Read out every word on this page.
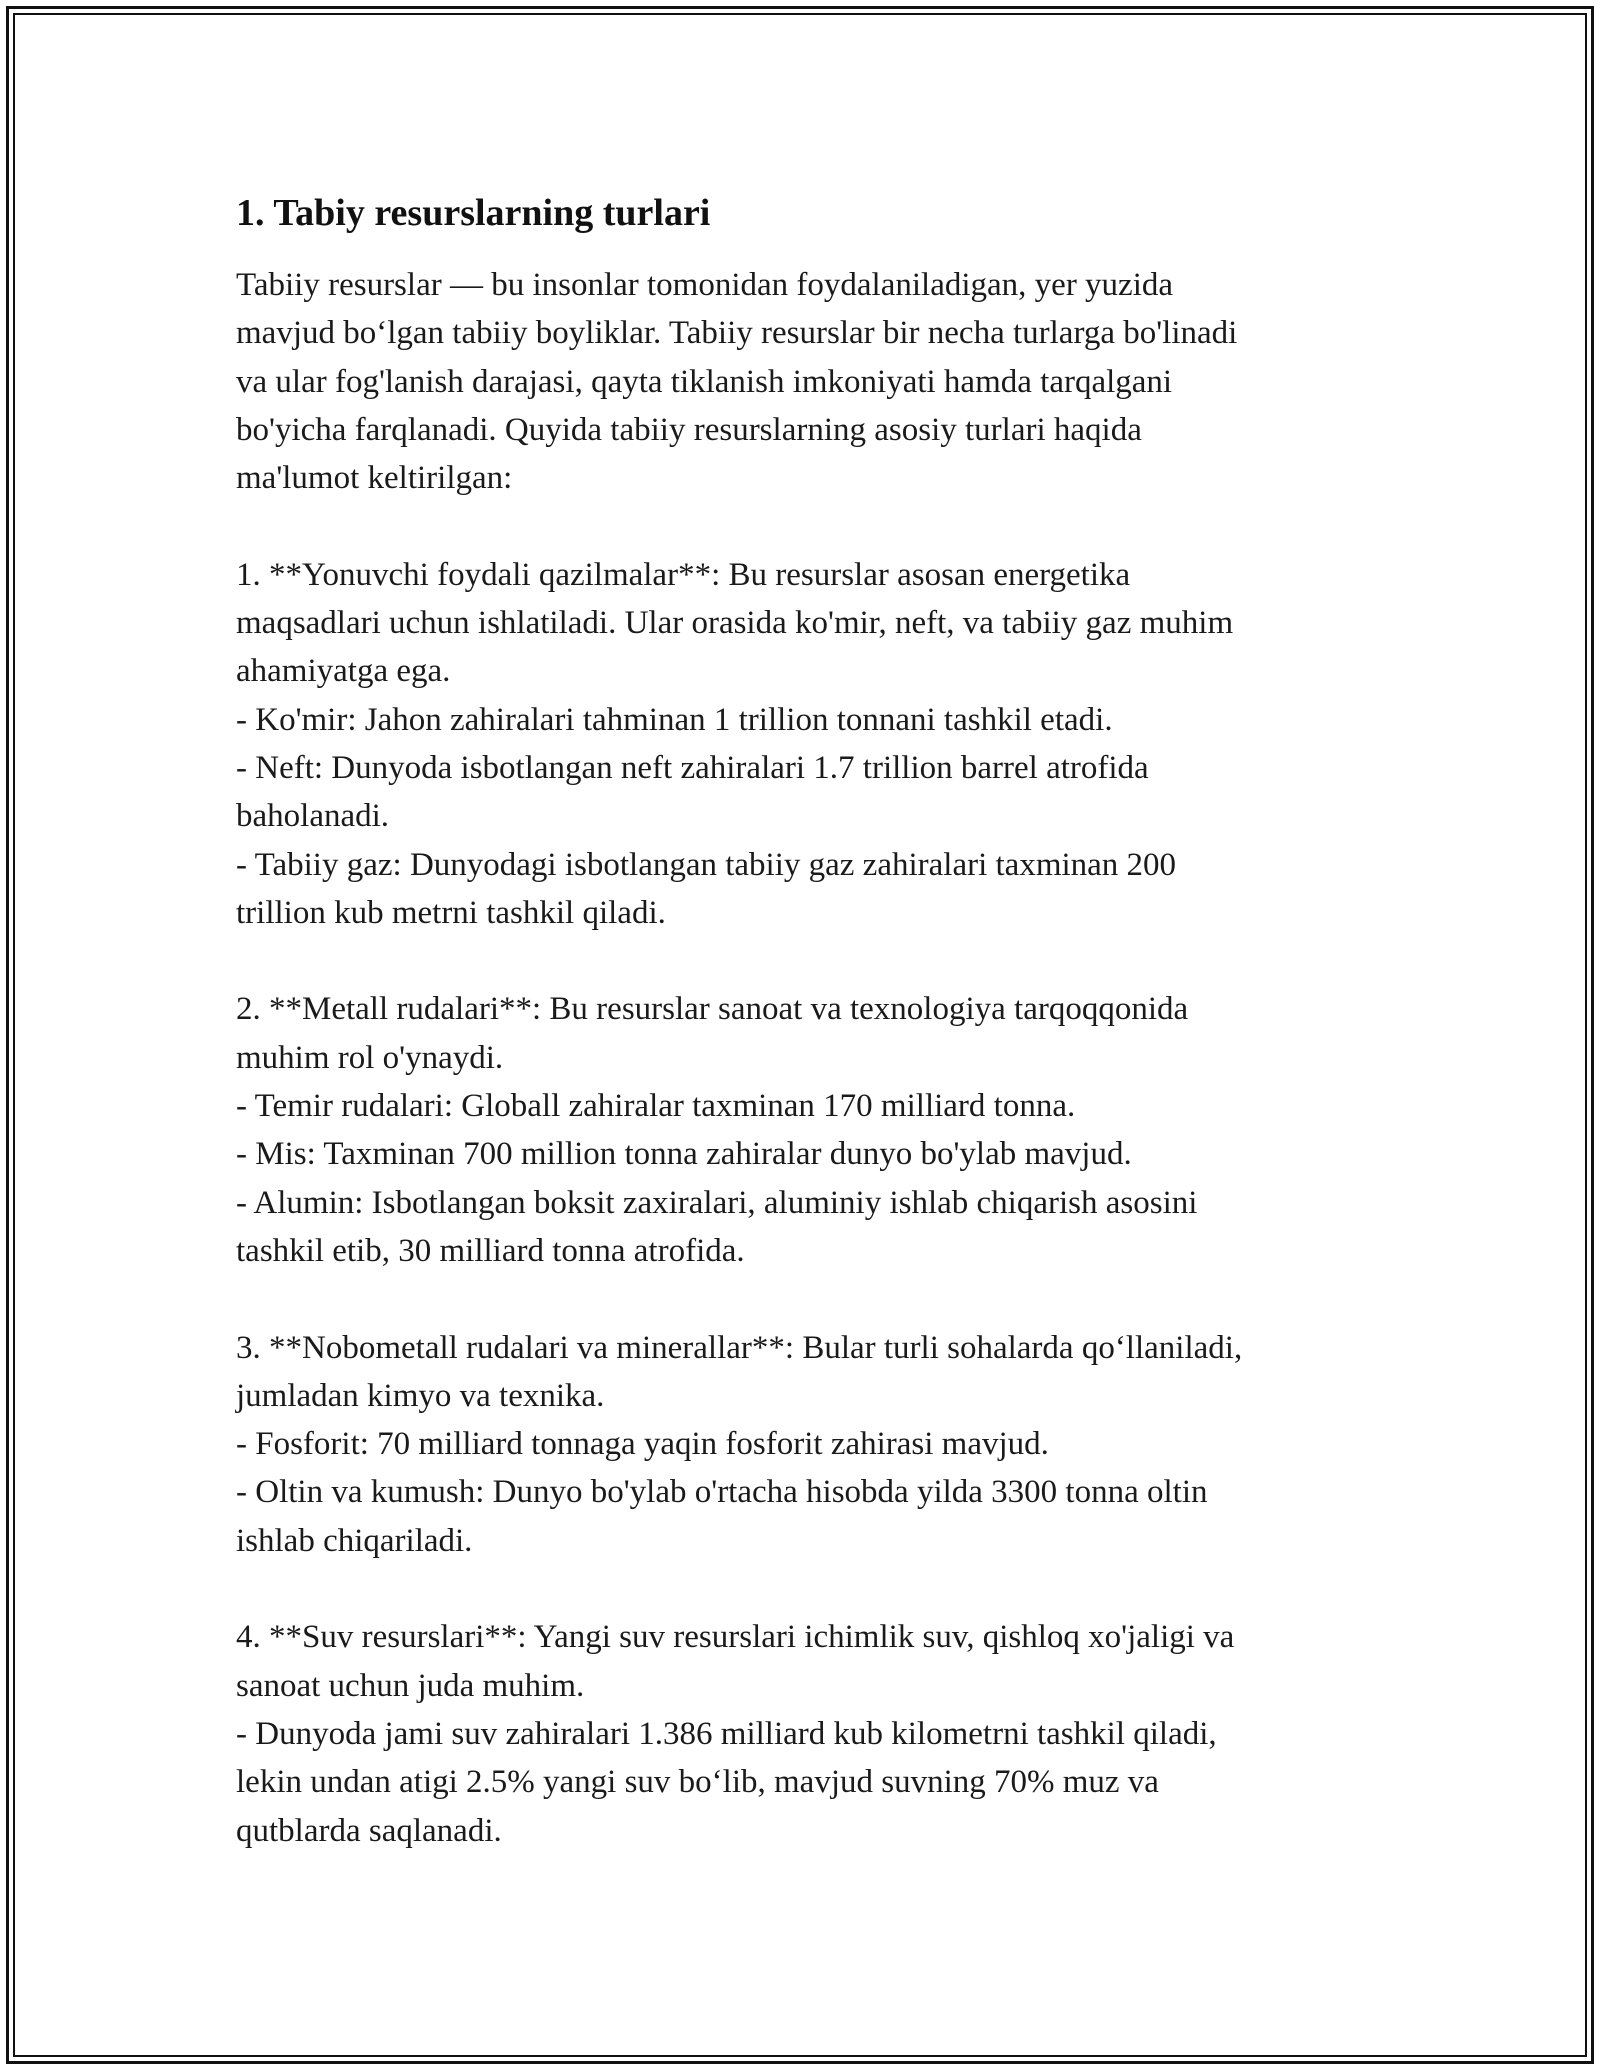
1. Tabiy resurslarning turlari

Tabiiy resurslar — bu insonlar tomonidan foydalaniladigan, yer yuzida
mavjud bo‘lgan tabiiy boyliklar. Tabiiy resurslar bir necha turlarga bo'linadi
va ular fog'lanish darajasi, qayta tiklanish imkoniyati hamda tarqalgani
bo'yicha farqlanadi. Quyida tabiiy resurslarning asosiy turlari haqida
ma'lumot keltirilgan:

1. **Yonuvchi foydali qazilmalar**: Bu resurslar asosan energetika
maqsadlari uchun ishlatiladi. Ular orasida ko'mir, neft, va tabiiy gaz muhim
ahamiyatga ega.
- Ko'mir: Jahon zahiralari tahminan 1 trillion tonnani tashkil etadi.
- Neft: Dunyoda isbotlangan neft zahiralari 1.7 trillion barrel atrofida
baholanadi.
- Tabiiy gaz: Dunyodagi isbotlangan tabiiy gaz zahiralari taxminan 200
trillion kub metrni tashkil qiladi.

2. **Metall rudalari**: Bu resurslar sanoat va texnologiya tarqoqqonida
muhim rol o'ynaydi.
- Temir rudalari: Globall zahiralar taxminan 170 milliard tonna.
- Mis: Taxminan 700 million tonna zahiralar dunyo bo'ylab mavjud.
- Alumin: Isbotlangan boksit zaxiralari, aluminiy ishlab chiqarish asosini
tashkil etib, 30 milliard tonna atrofida.

3. **Nobometall rudalari va minerallar**: Bular turli sohalarda qo‘llaniladi,
jumladan kimyo va texnika.
- Fosforit: 70 milliard tonnaga yaqin fosforit zahirasi mavjud.
- Oltin va kumush: Dunyo bo'ylab o'rtacha hisobda yilda 3300 tonna oltin
ishlab chiqariladi.

4. **Suv resurslari**: Yangi suv resurslari ichimlik suv, qishloq xo'jaligi va
sanoat uchun juda muhim.
- Dunyoda jami suv zahiralari 1.386 milliard kub kilometrni tashkil qiladi,
lekin undan atigi 2.5% yangi suv bo‘lib, mavjud suvning 70% muz va
qutblarda saqlanadi.
